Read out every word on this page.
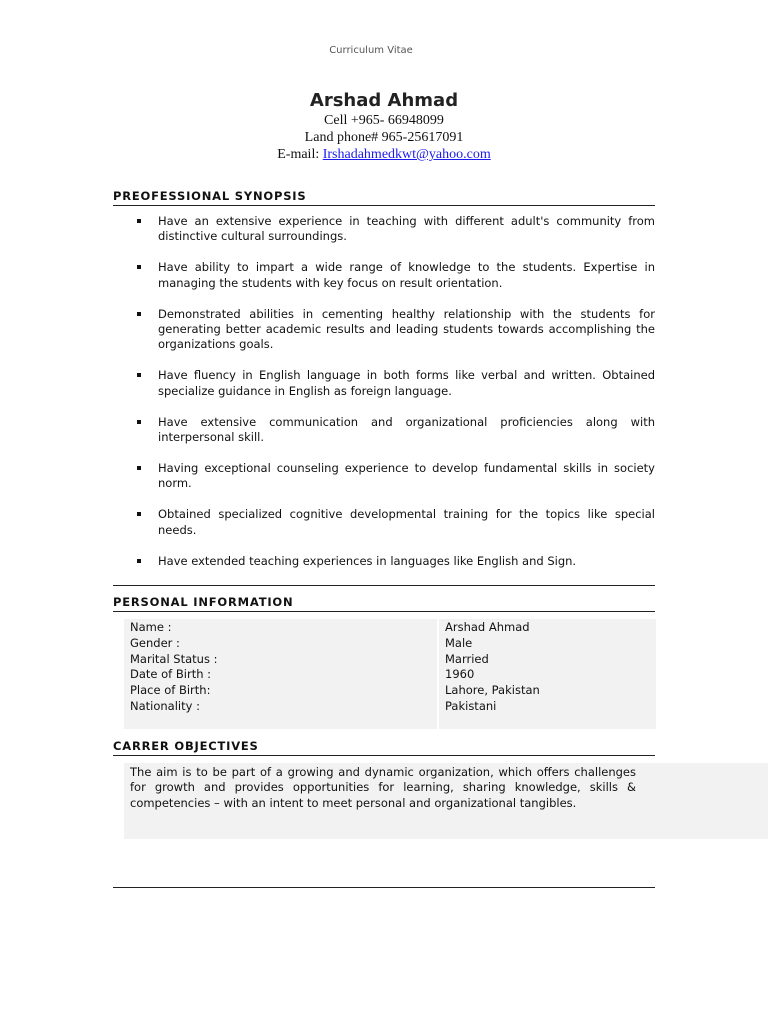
Curriculum Vitae
Arshad Ahmad
Cell +965- 66948099
Land phone# 965-25617091
E-mail: Irshadahmedkwt@yahoo.com
PREOFESSIONAL SYNOPSIS
Have an extensive experience in teaching with different adult's community from distinctive cultural surroundings.
Have ability to impart a wide range of knowledge to the students. Expertise in managing the students with key focus on result orientation.
Demonstrated abilities in cementing healthy relationship with the students for generating better academic results and leading students towards accomplishing the organizations goals.
Have fluency in English language in both forms like verbal and written. Obtained specialize guidance in English as foreign language.
Have extensive communication and organizational proficiencies along with interpersonal skill.
Having exceptional counseling experience to develop fundamental skills in society norm.
Obtained specialized cognitive developmental training for the topics like special needs.
Have extended teaching experiences in languages like English and Sign.
PERSONAL INFORMATION
Name :	Arshad Ahmad
Gender :	Male
Marital Status :	Married
Date of Birth :	1960
Place of Birth:	Lahore, Pakistan
Nationality :	Pakistani
CARRER OBJECTIVES
The aim is to be part of a growing and dynamic organization, which offers challenges for growth and provides opportunities for learning, sharing knowledge, skills & competencies – with an intent to meet personal and organizational tangibles.
